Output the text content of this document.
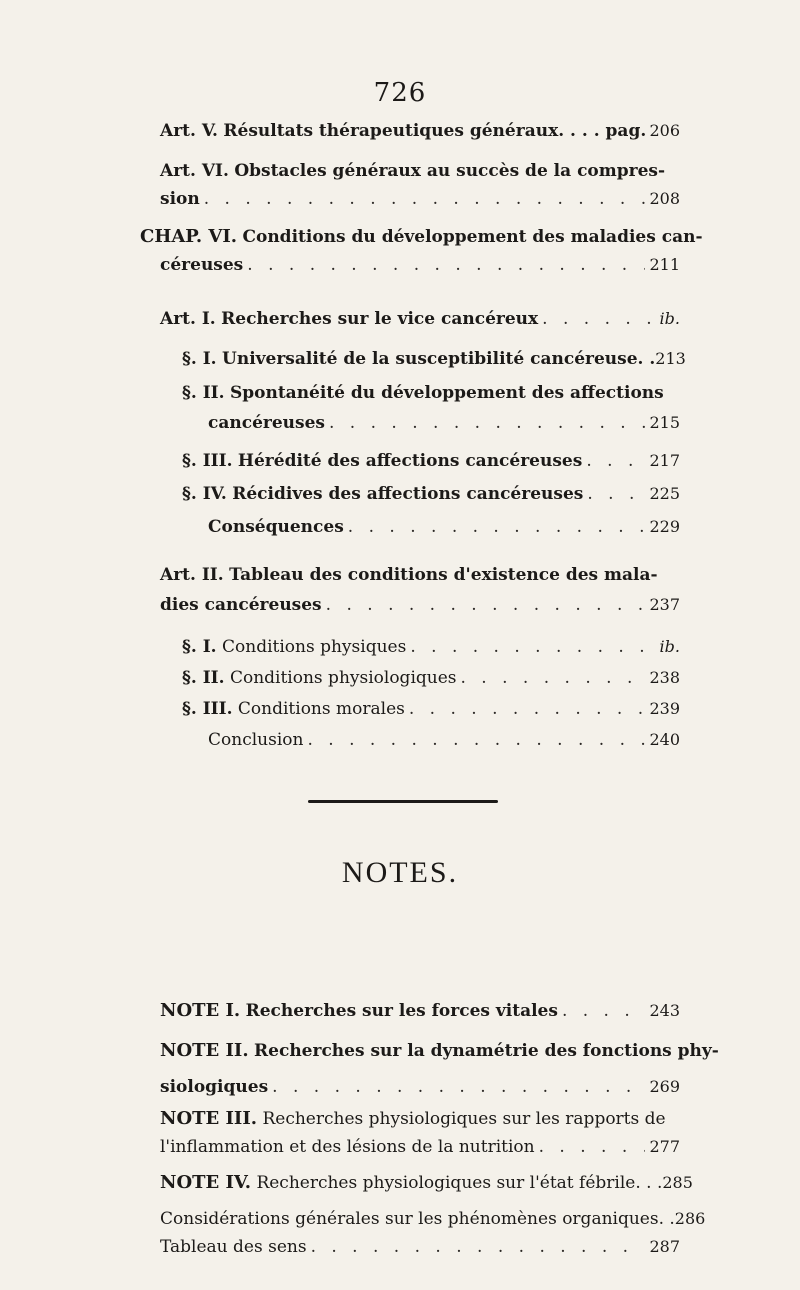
726
Art. V. Résultats thérapeutiques généraux. . . . pag. 206
Art. VI. Obstacles généraux au succès de la compres-
sion . . .	208
CHAP. VI. Conditions du développement des maladies can-
céreuses . . .	211
Art. I. Recherches sur le vice cancéreux . . .	ib.
§. I. Universalité de la susceptibilité cancéreuse. . 213
§. II. Spontanéité du développement des affections
cancéreuses . . .	215
§. III. Hérédité des affections cancéreuses . . .	217
§. IV. Récidives des affections cancéreuses . . .	225
Conséquences . . .	229
Art. II. Tableau des conditions d'existence des mala-
dies cancéreuses . . .	237
§. I. Conditions physiques . . .	ib.
§. II. Conditions physiologiques . . .	238
§. III. Conditions morales . . .	239
Conclusion . . .	240
NOTES.
NOTE I. Recherches sur les forces vitales . . .	243
NOTE II. Recherches sur la dynamétrie des fonctions phy-
siologiques . . .	269
NOTE III. Recherches physiologiques sur les rapports de
l'inflammation et des lésions de la nutrition . . .	277
NOTE IV. Recherches physiologiques sur l'état fébrile. . . 285
Considérations générales sur les phénomènes organiques. . 286
Tableau des sens . . .	287
